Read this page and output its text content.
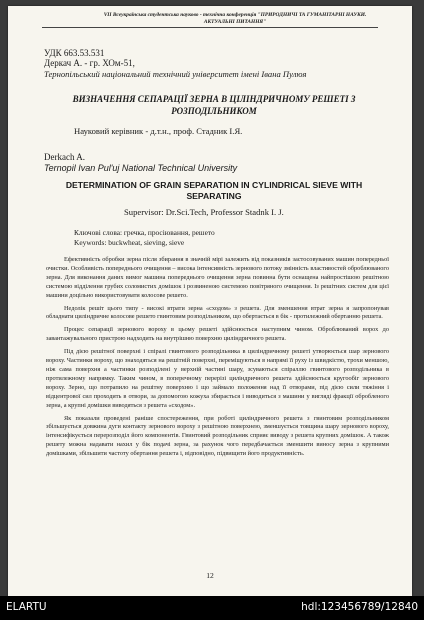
VII Всеукраїнська студентська науково - технічна конференція "ПРИРОДНИЧІ ТА ГУМАНІТАРНІ НАУКИ. АКТУАЛЬНІ ПИТАННЯ"
УДК 663.53.531
Деркач А. - гр. ХОм-51,
Тернопільський національний технічний університет імені Івана Пулюя
ВИЗНАЧЕННЯ СЕПАРАЦІЇ ЗЕРНА В ЦІЛІНДРИЧНОМУ РЕШЕТІ З РОЗПОДІЛЬНИКОМ
Науковий керівник - д.т.н., проф. Стадник І.Я.
Derkach A.
Ternopil Ivan Pul'uj National Technical University
DETERMINATION OF GRAIN SEPARATION IN CYLINDRICAL SIEVE WITH SEPARATING
Supervisor: Dr.Sci.Tech, Professor Stadnk I. J.
Ключові слова: гречка, просіювання, решето
Keywords: buckwheat, sieving, sieve

Ефективність обробки зерна після збирання в значній мірі залежить від показників застосовуваних машин попередньої очистки. Особливість попереднього очищення – висока інтенсивність зернового потоку змінність властивостей оброблюваного зерна. Для виконання даних вимог машина попереднього очищення зерна повинна бути оснащена найпростішою решітною системою відділення грубих соломистих домішок і розвиненою системою повітряного очищення. Із решітних систем для цієї машини доцільно використовувати колосове решето.

Недолік решіт цього типу - високі втрати зерна «сходом» з решета. Для зменшення втрат зерна я запропонував обладнати циліндричне колосове решето гвинтовим розподільником, що обертається в бік - протилежний обертанню решета.

Процес сепарації зернового вороху в цьому решеті здійснюється наступним чином. Оброблюваний ворох до завантажувального пристрою надходить на внутрішню поверхню циліндричного решета.

Під дією решітної поверхні і спіралі гвинтового розподільника в циліндричному решеті утворюється шар зернового вороху. Частинки вороху, що знаходяться на решітній поверхні, переміщуються в напрямі її руху із швидкістю, трохи меншою, ніж сама поверхня а частинки розподілені у верхній частині шару, зсуваються спіраллю гвинтового розподільника в протилежному напрямку. Таким чином, в поперечному перерізі циліндричного решета здійснюється кругообіг зернового вороху. Зерно, що потрапило на решітну поверхню і що займало положення над її отворами, під дією сили тяжіння і відцентрової сил проходить в отвори, за допомогою кожуха збирається і виводиться з машини у вигляді фракції обробленого зерна, а крупні домішки виводяться з решета «сходом».

Як показали проведені раніше спостереження, при роботі циліндричного решета з гвинтовим розподільником збільшується довжина дуги контакту зернового вороху з решітною поверхнею, зменшується товщина шару зернового вороху, інтенсифікується перерозподіл його компонентів. Гвинтовий розподільник сприяє виводу з решета крупних домішок. А також решету можна надавати нахил у бік подачі зерна, за рахунок чого передбачається зменшити виносу зерна з крупними домішками, збільшити частоту обертання решета і, відповідно, підвищити його продуктивність.

12
ELARTU	hdl:123456789/12840
